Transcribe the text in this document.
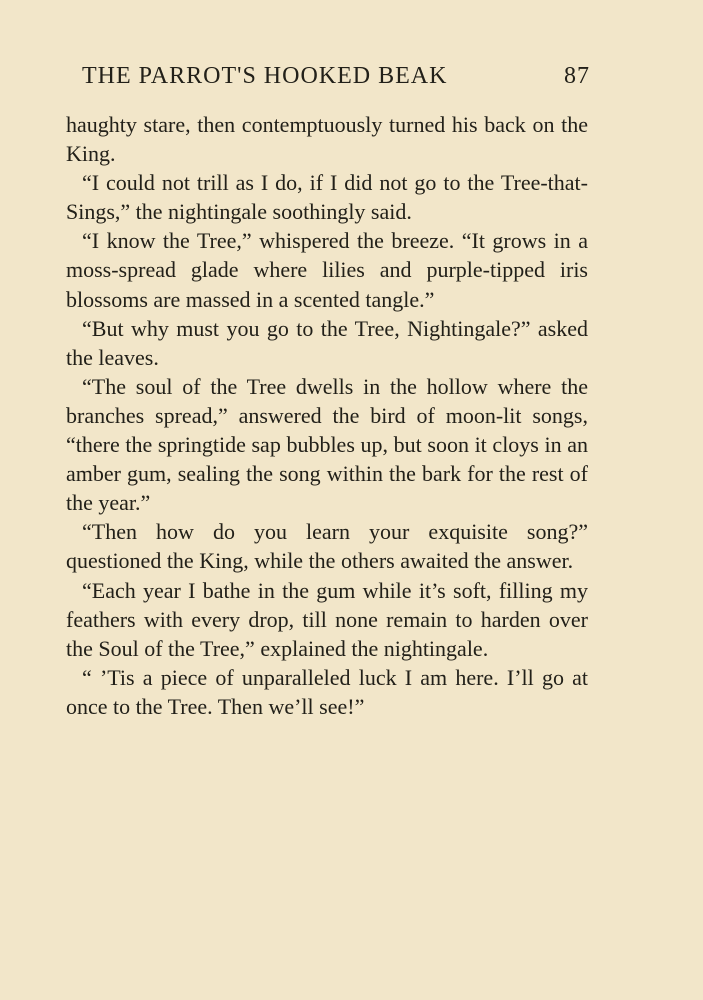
THE PARROT'S HOOKED BEAK	87

haughty stare, then contemptuously turned his back on the King.

“I could not trill as I do, if I did not go to the Tree-that-Sings,” the nightingale soothingly said.

“I know the Tree,” whispered the breeze. “It grows in a moss-spread glade where lilies and purple-tipped iris blossoms are massed in a scented tangle.”

“But why must you go to the Tree, Nightingale?” asked the leaves.

“The soul of the Tree dwells in the hollow where the branches spread,” answered the bird of moon-lit songs, “there the springtide sap bubbles up, but soon it cloys in an amber gum, sealing the song within the bark for the rest of the year.”

“Then how do you learn your exquisite song?” questioned the King, while the others awaited the answer.

“Each year I bathe in the gum while it’s soft, filling my feathers with every drop, till none remain to harden over the Soul of the Tree,” explained the nightingale.

“ ’Tis a piece of unparalleled luck I am here. I’ll go at once to the Tree. Then we’ll see!”
